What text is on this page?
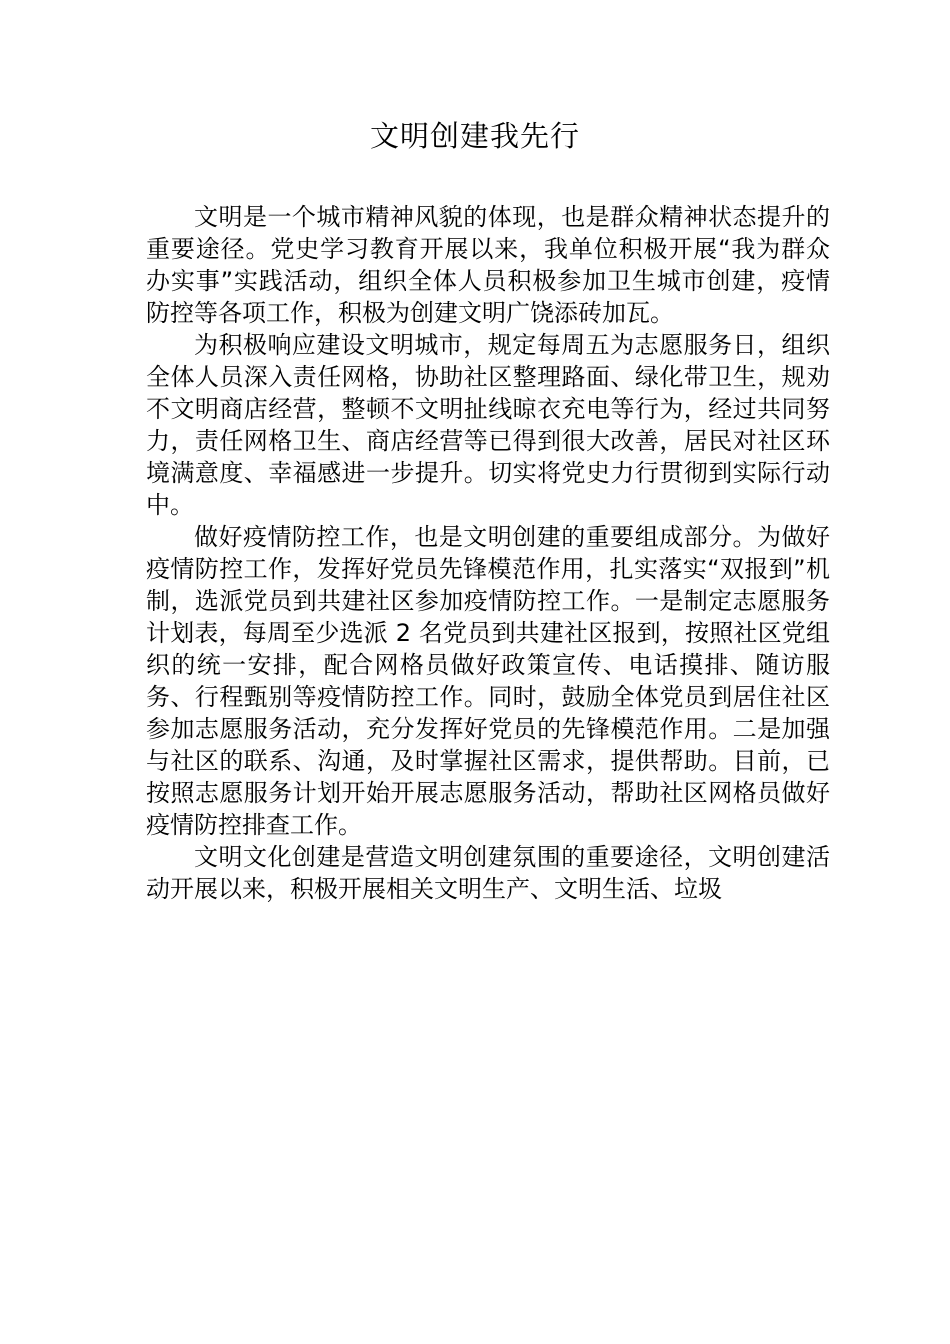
文明创建我先行

文明是一个城市精神风貌的体现，也是群众精神状态提升的重要途径。党史学习教育开展以来，我单位积极开展“我为群众办实事”实践活动，组织全体人员积极参加卫生城市创建，疫情防控等各项工作，积极为创建文明广饶添砖加瓦。

为积极响应建设文明城市，规定每周五为志愿服务日，组织全体人员深入责任网格，协助社区整理路面、绿化带卫生，规劝不文明商店经营，整顿不文明扯线晾衣充电等行为，经过共同努力，责任网格卫生、商店经营等已得到很大改善，居民对社区环境满意度、幸福感进一步提升。切实将党史力行贯彻到实际行动中。

做好疫情防控工作，也是文明创建的重要组成部分。为做好疫情防控工作，发挥好党员先锋模范作用，扎实落实“双报到”机制，选派党员到共建社区参加疫情防控工作。一是制定志愿服务计划表，每周至少选派 2 名党员到共建社区报到，按照社区党组织的统一安排，配合网格员做好政策宣传、电话摸排、随访服务、行程甄别等疫情防控工作。同时，鼓励全体党员到居住社区参加志愿服务活动，充分发挥好党员的先锋模范作用。二是加强与社区的联系、沟通，及时掌握社区需求，提供帮助。目前，已按照志愿服务计划开始开展志愿服务活动，帮助社区网格员做好疫情防控排查工作。

文明文化创建是营造文明创建氛围的重要途径，文明创建活动开展以来，积极开展相关文明生产、文明生活、垃圾
